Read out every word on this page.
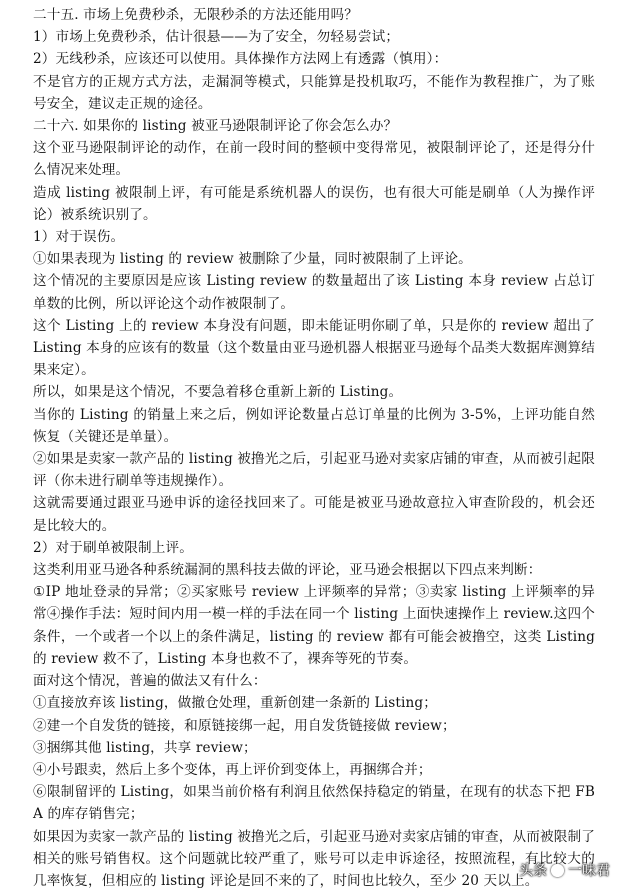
二十五. 市场上免费秒杀，无限秒杀的方法还能用吗？

1）市场上免费秒杀，估计很悬——为了安全，勿轻易尝试；

2）无线秒杀，应该还可以使用。具体操作方法网上有透露（慎用）：

不是官方的正规方式方法，走漏洞等模式，只能算是投机取巧，不能作为教程推广，为了账号安全，建议走正规的途径。

二十六. 如果你的 listing 被亚马逊限制评论了你会怎么办？

这个亚马逊限制评论的动作，在前一段时间的整顿中变得常见，被限制评论了，还是得分什么情况来处理。

造成 listing 被限制上评，有可能是系统机器人的误伤，也有很大可能是刷单（人为操作评论）被系统识别了。

1）对于误伤。

①如果表现为 listing 的 review 被删除了少量，同时被限制了上评论。

这个情况的主要原因是应该 Listing review 的数量超出了该 Listing 本身 review 占总订单数的比例，所以评论这个动作被限制了。

这个 Listing 上的 review 本身没有问题，即未能证明你刷了单，只是你的 review 超出了 Listing 本身的应该有的数量（这个数量由亚马逊机器人根据亚马逊每个品类大数据库测算结果来定）。

所以，如果是这个情况，不要急着移仓重新上新的 Listing。

当你的 Listing 的销量上来之后，例如评论数量占总订单量的比例为 3-5%，上评功能自然恢复（关键还是单量）。

②如果是卖家一款产品的 listing 被撸光之后，引起亚马逊对卖家店铺的审查，从而被引起限评（你未进行刷单等违规操作）。

这就需要通过跟亚马逊申诉的途径找回来了。可能是被亚马逊故意拉入审查阶段的，机会还是比较大的。

2）对于刷单被限制上评。

这类利用亚马逊各种系统漏洞的黑科技去做的评论，亚马逊会根据以下四点来判断：

①IP 地址登录的异常；②买家账号 review 上评频率的异常；③卖家 listing 上评频率的异常④操作手法：短时间内用一模一样的手法在同一个 listing 上面快速操作上 review.这四个条件，一个或者一个以上的条件满足，listing 的 review 都有可能会被撸空，这类 Listing 的 review 救不了，Listing 本身也救不了，裸奔等死的节奏。

面对这个情况，普遍的做法又有什么：

①直接放弃该 listing，做撤仓处理，重新创建一条新的 Listing；

②建一个自发货的链接，和原链接绑一起，用自发货链接做 review；

③捆绑其他 listing，共享 review；

④小号跟卖，然后上多个变体，再上评价到变体上，再捆绑合并；

⑥限制留评的 Listing，如果当前价格有利润且依然保持稳定的销量，在现有的状态下把 FBA 的库存销售完；

如果因为卖家一款产品的 listing 被撸光之后，引起亚马逊对卖家店铺的审查，从而被限制了相关的账号销售权。这个问题就比较严重了，账号可以走申诉途径，按照流程，有比较大的几率恢复，但相应的 listing 评论是回不来的了，时间也比较久，至少 20 天以上。

头条 一味君
